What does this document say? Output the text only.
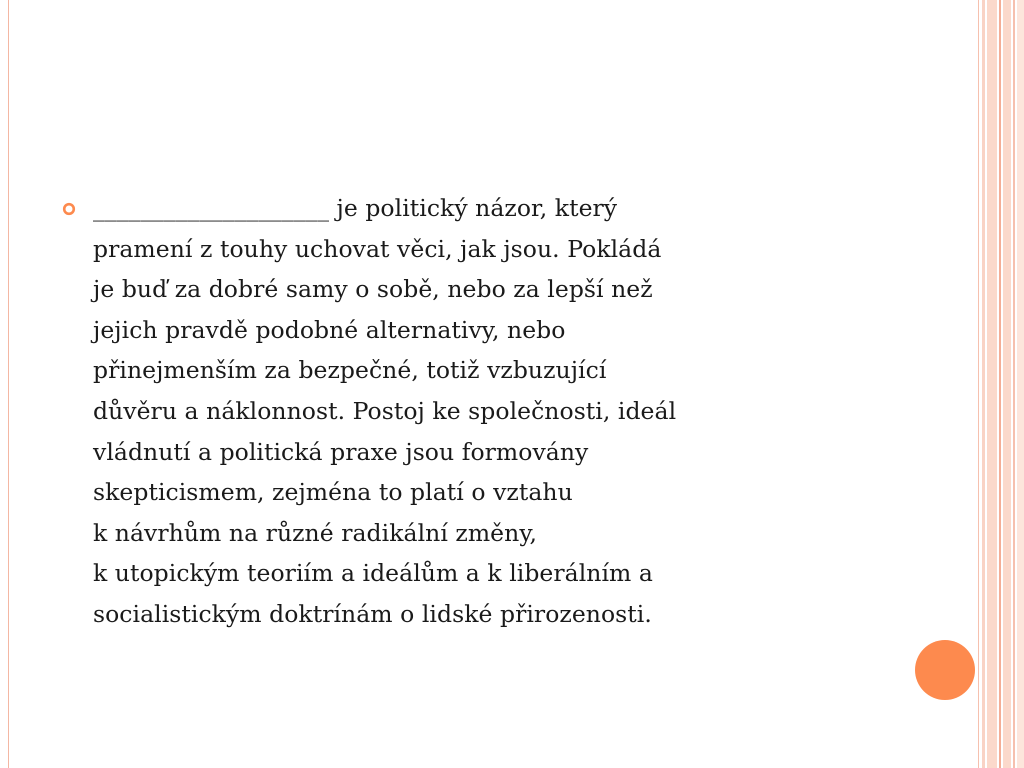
____________________ je politický názor, který
pramení z touhy uchovat věci, jak jsou. Pokládá
je buď za dobré samy o sobě, nebo za lepší než
jejich pravdě podobné alternativy, nebo
přinejmenším za bezpečné, totiž vzbuzující
důvěru a náklonnost. Postoj ke společnosti, ideál
vládnutí a politická praxe jsou formovány
skepticismem, zejména to platí o vztahu
k návrhům na různé radikální změny,
k utopickým teoriím a ideálům a k liberálním a
socialistickým doktrínám o lidské přirozenosti.
